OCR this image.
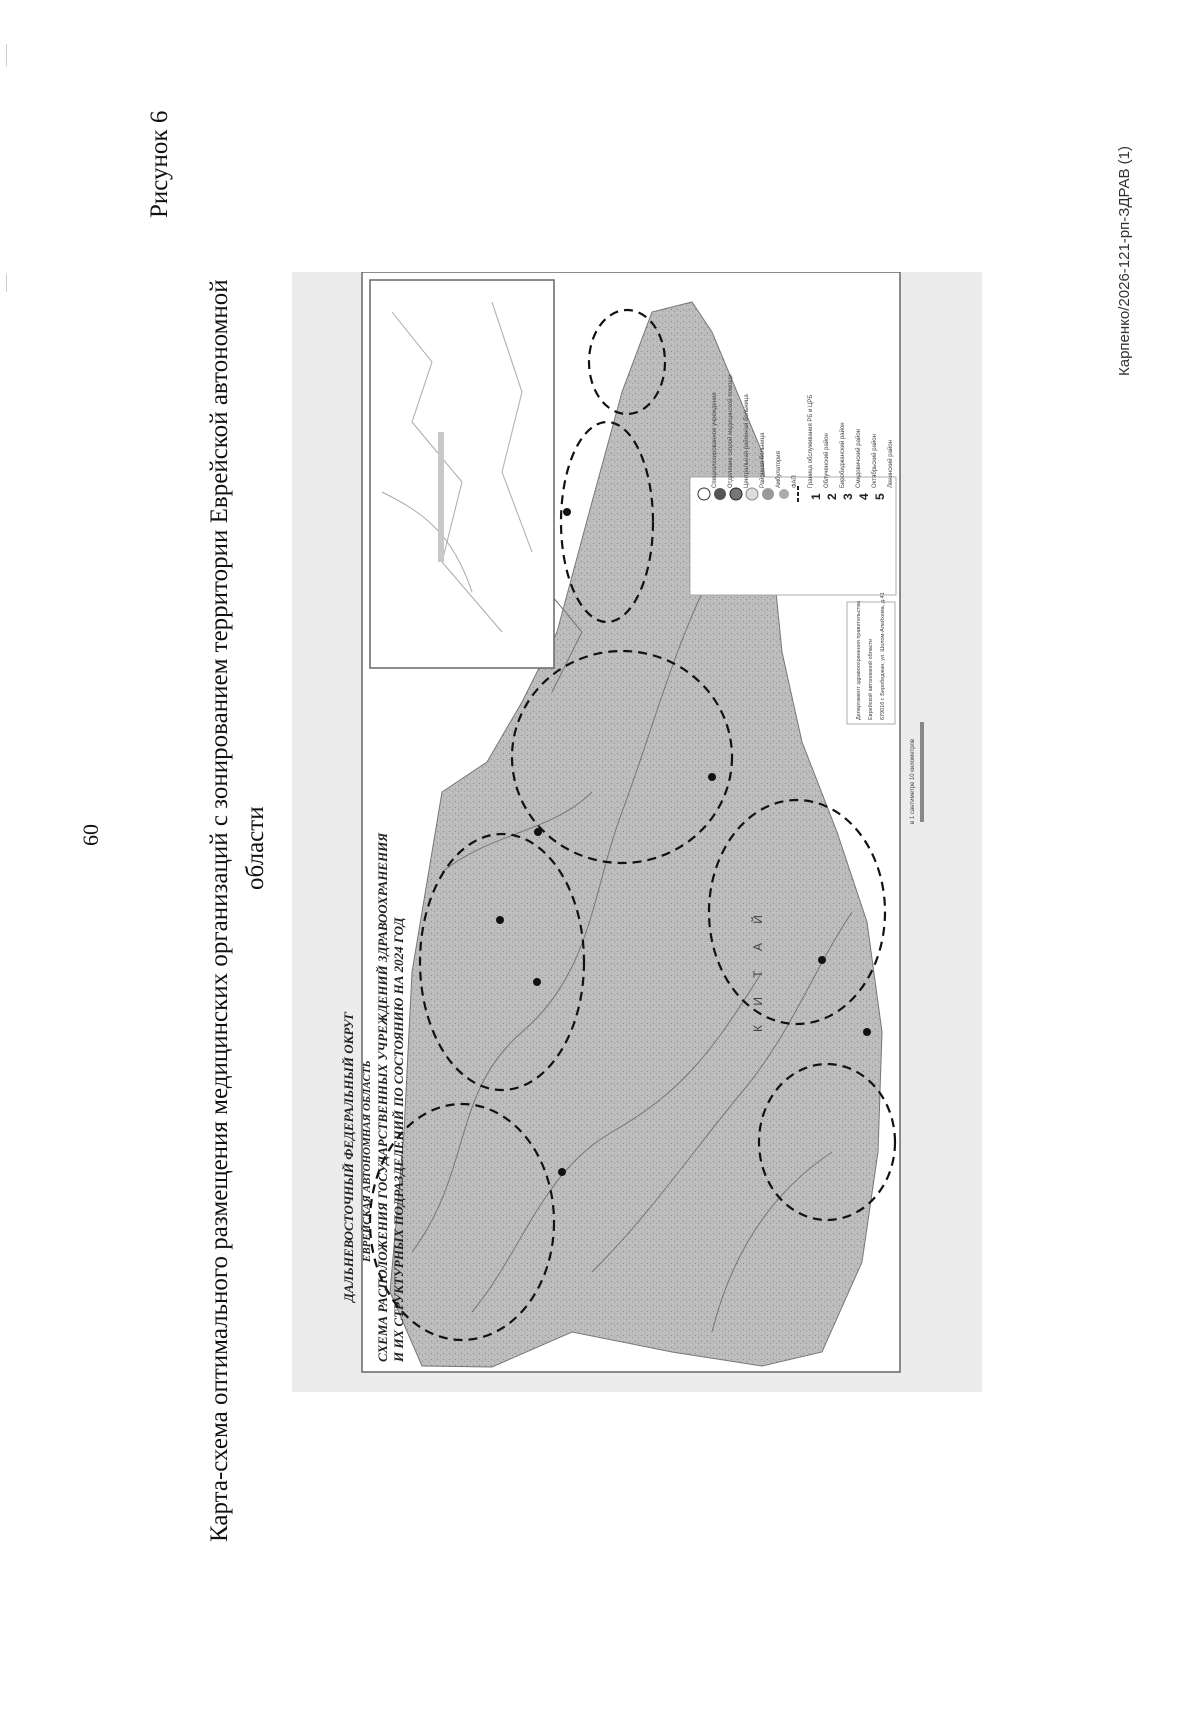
60
Рисунок 6
Карта-схема оптимального размещения медицинских организаций с зонированием территории Еврейской автономной области
Карпенко/2026-121-рп-ЗДРАВ (1)
ДАЛЬНЕВОСТОЧНЫЙ ФЕДЕРАЛЬНЫЙ ОКРУГ ЕВРЕЙСКАЯ АВТОНОМНАЯ ОБЛАСТЬ СХЕМА РАСПОЛОЖЕНИЯ ГОСУДАРСТВЕННЫХ УЧРЕЖДЕНИЙ ЗДРАВООХРАНЕНИЯ И ИХ СТРУКТУРНЫХ ПОДРАЗДЕЛЕНИЙ ПО СОСТОЯНИЮ НА 2024 ГОД	К И Т А Й
Специализированное учреждение Отделение скорой медицинской помощи Центральная районная больница Районная больница Амбулатория ФАП Граница обслуживания РБ и ЦРБ
1
Облученский район
2
Биробиджанский район
3
Смидовичский район
4
Октябрьский район
5
Ленинский район
Департамент здравоохранения правительства Еврейской автономной области 679016 г. Биробиджан, ул. Шолом-Алейхема, д.41
в 1 сантиметре 10 километров
